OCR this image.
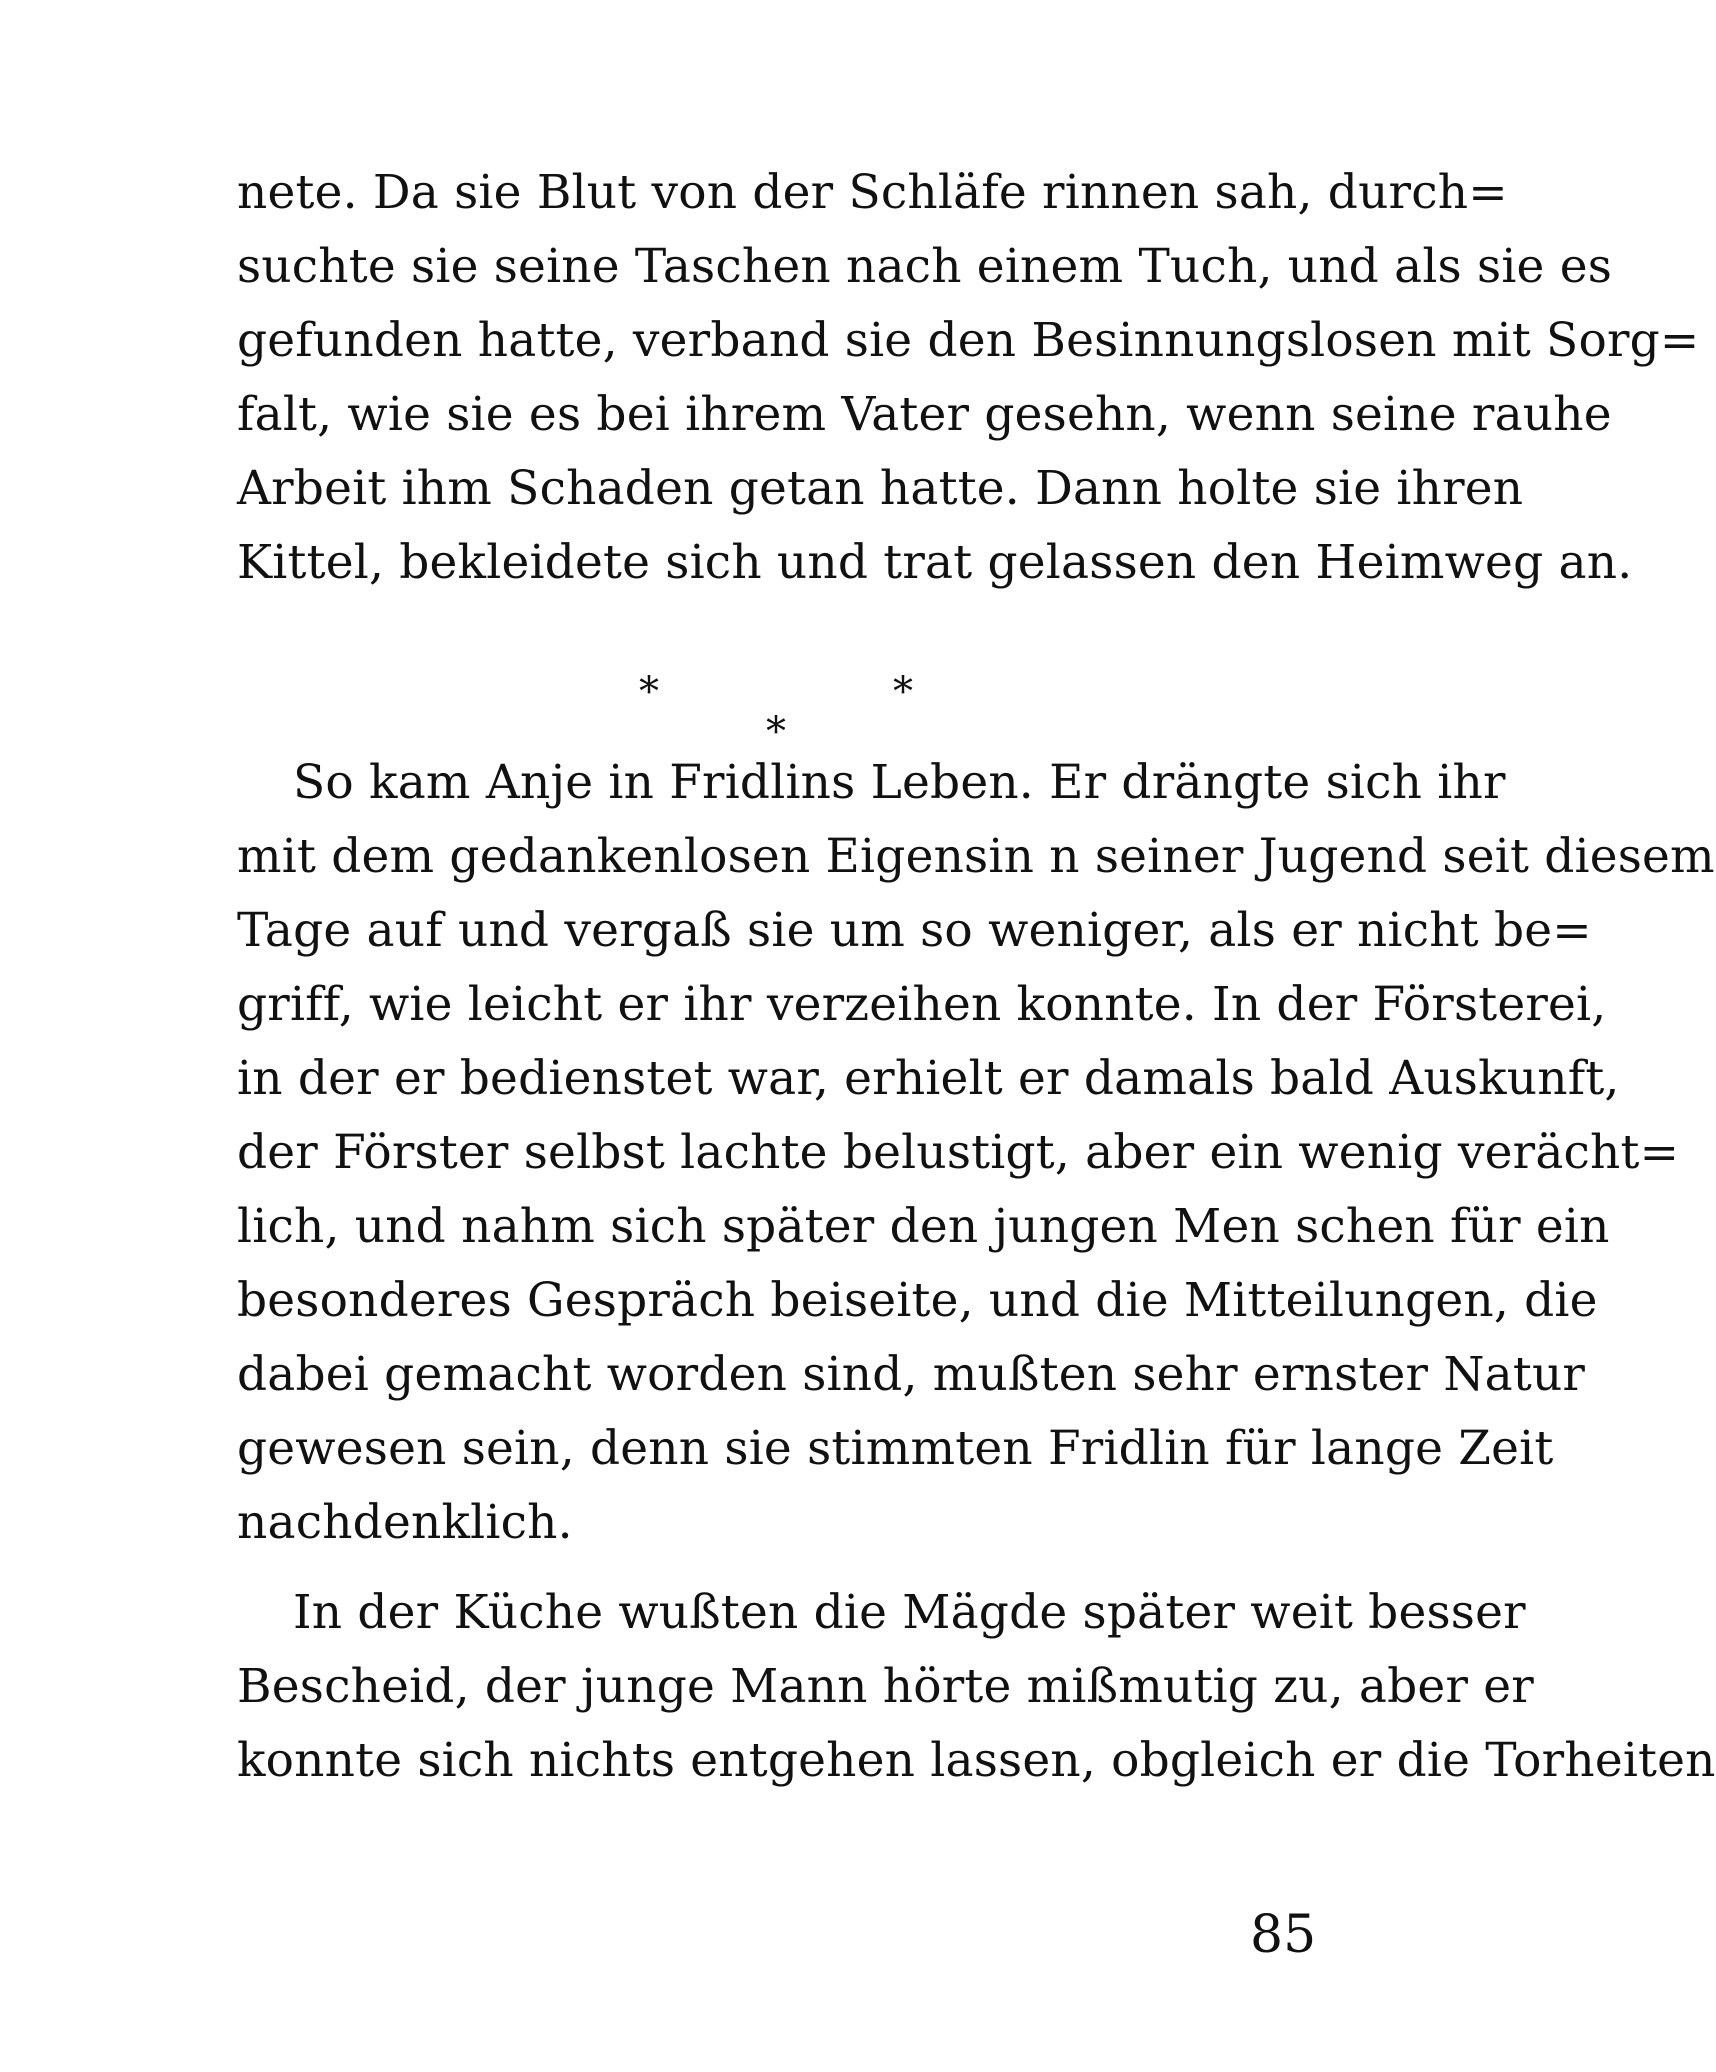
nete. Da sie Blut von der Schläfe rinnen sah, durch=
suchte sie seine Taschen nach einem Tuch, und als sie es
gefunden hatte, verband sie den Besinnungslosen mit Sorg=
falt, wie sie es bei ihrem Vater gesehn, wenn seine rauhe
Arbeit ihm Schaden getan hatte. Dann holte sie ihren
Kittel, bekleidete sich und trat gelassen den Heimweg an.
*	*
*
So kam Anje in Fridlins Leben. Er drängte sich ihr
mit dem gedankenlosen Eigensin n seiner Jugend seit diesem
Tage auf und vergaß sie um so weniger, als er nicht be=
griff, wie leicht er ihr verzeihen konnte. In der Försterei,
in der er bedienstet war, erhielt er damals bald Auskunft,
der Förster selbst lachte belustigt, aber ein wenig verächt=
lich, und nahm sich später den jungen Men schen für ein
besonderes Gespräch beiseite, und die Mitteilungen, die
dabei gemacht worden sind, mußten sehr ernster Natur
gewesen sein, denn sie stimmten Fridlin für lange Zeit
nachdenklich.
In der Küche wußten die Mägde später weit besser
Bescheid, der junge Mann hörte mißmutig zu, aber er
konnte sich nichts entgehen lassen, obgleich er die Torheiten
85
